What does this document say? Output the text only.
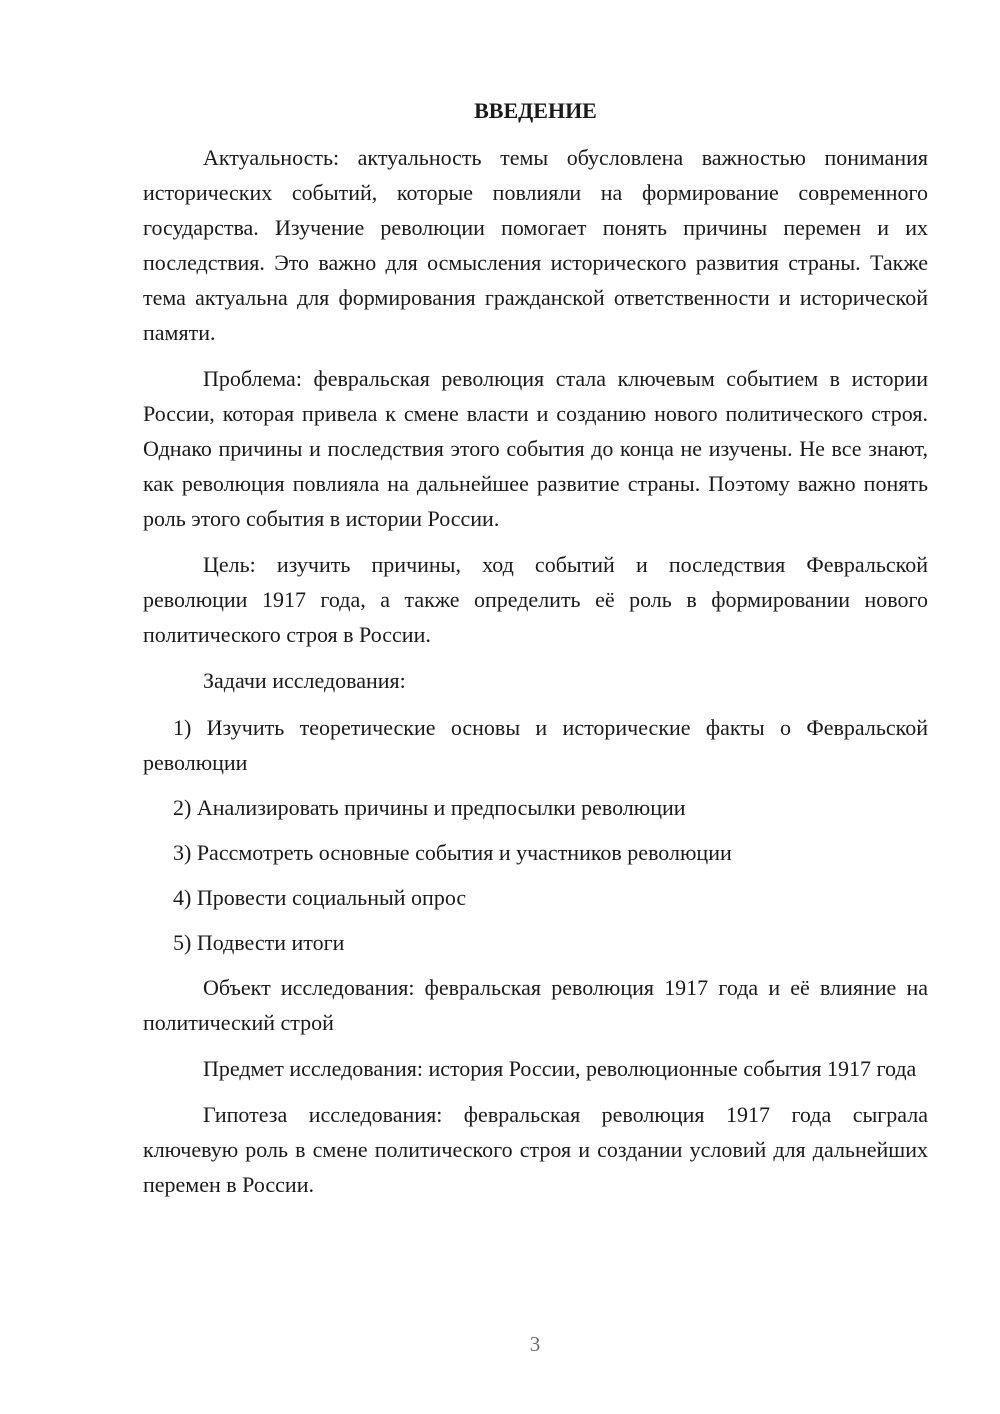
ВВЕДЕНИЕ

Актуальность: актуальность темы обусловлена важностью понимания исторических событий, которые повлияли на формирование современного государства. Изучение революции помогает понять причины перемен и их последствия. Это важно для осмысления исторического развития страны. Также тема актуальна для формирования гражданской ответственности и исторической памяти.

Проблема: февральская революция стала ключевым событием в истории России, которая привела к смене власти и созданию нового политического строя. Однако причины и последствия этого события до конца не изучены. Не все знают, как революция повлияла на дальнейшее развитие страны. Поэтому важно понять роль этого события в истории России.

Цель: изучить причины, ход событий и последствия Февральской революции 1917 года, а также определить её роль в формировании нового политического строя в России.

Задачи исследования:

1) Изучить теоретические основы и исторические факты о Февральской революции

2) Анализировать причины и предпосылки революции

3) Рассмотреть основные события и участников революции

4) Провести социальный опрос

5) Подвести итоги

Объект исследования: февральская революция 1917 года и её влияние на политический строй

Предмет исследования: история России, революционные события 1917 года

Гипотеза исследования: февральская революция 1917 года сыграла ключевую роль в смене политического строя и создании условий для дальнейших перемен в России.

3
